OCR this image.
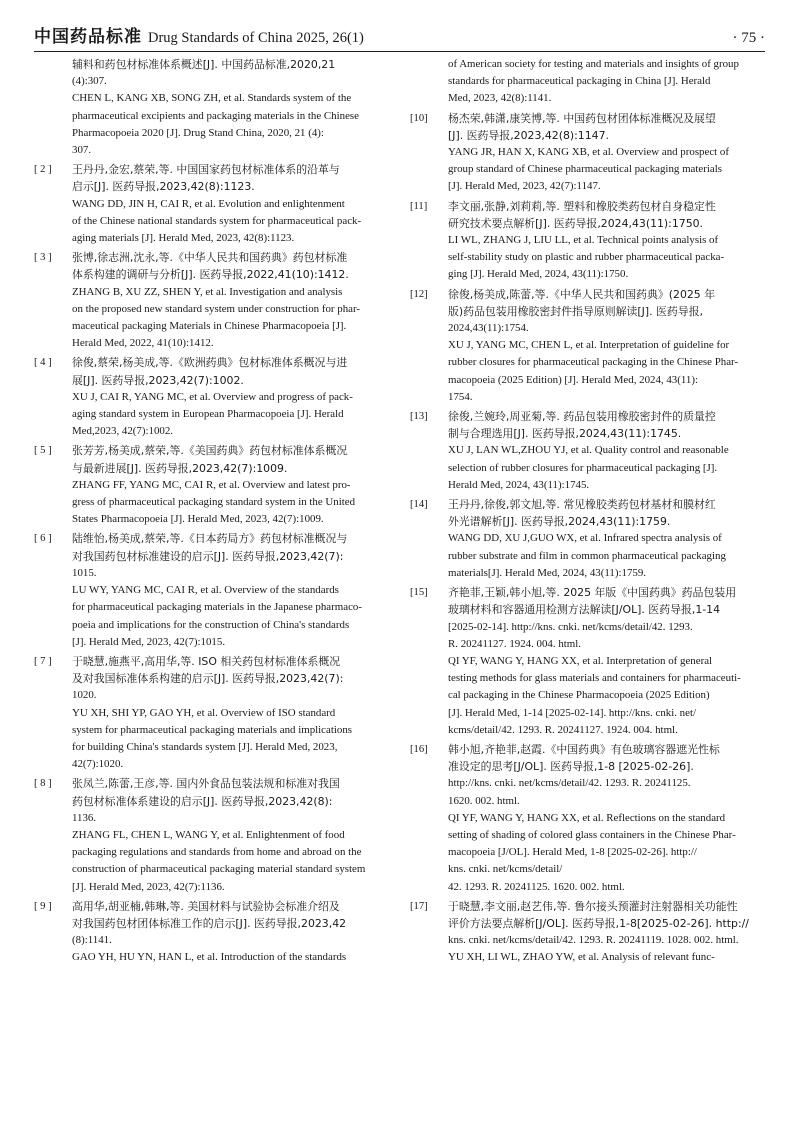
中国药品标准 Drug Standards of China 2025, 26(1)	· 75 ·
辅料和药包材标准体系概述[J]. 中国药品标准,2020,21
(4):307.
CHEN L, KANG XB, SONG ZH, et al. Standards system of the
pharmaceutical excipients and packaging materials in the Chinese
Pharmacopoeia 2020 [J]. Drug Stand China, 2020, 21 (4):
307.
[ 2 ]	王丹丹,金宏,蔡荣,等. 中国国家药包材标准体系的沿革与
启示[J]. 医药导报,2023,42(8):1123.
WANG DD, JIN H, CAI R, et al. Evolution and enlightenment
of the Chinese national standards system for pharmaceutical pack-
aging materials [J]. Herald Med, 2023, 42(8):1123.
[ 3 ]	张博,徐志洲,沈永,等.《中华人民共和国药典》药包材标准
体系构建的调研与分析[J]. 医药导报,2022,41(10):1412.
ZHANG B, XU ZZ, SHEN Y, et al. Investigation and analysis
on the proposed new standard system under construction for phar-
maceutical packaging Materials in Chinese Pharmacopoeia [J].
Herald Med, 2022, 41(10):1412.
[ 4 ]	徐俊,蔡荣,杨美成,等.《欧洲药典》包材标准体系概况与进
展[J]. 医药导报,2023,42(7):1002.
XU J, CAI R, YANG MC, et al. Overview and progress of pack-
aging standard system in European Pharmacopoeia [J]. Herald
Med,2023, 42(7):1002.
[ 5 ]	张芳芳,杨美成,蔡荣,等.《美国药典》药包材标准体系概况
与最新进展[J]. 医药导报,2023,42(7):1009.
ZHANG FF, YANG MC, CAI R, et al. Overview and latest pro-
gress of pharmaceutical packaging standard system in the United
States Pharmacopoeia [J]. Herald Med, 2023, 42(7):1009.
[ 6 ]	陆维怡,杨美成,蔡荣,等.《日本药局方》药包材标准概况与
对我国药包材标准建设的启示[J]. 医药导报,2023,42(7):
1015.
LU WY, YANG MC, CAI R, et al. Overview of the standards
for pharmaceutical packaging materials in the Japanese pharmaco-
poeia and implications for the construction of China's standards
[J]. Herald Med, 2023, 42(7):1015.
[ 7 ]	于晓慧,施燕平,高用华,等. ISO 相关药包材标准体系概况
及对我国标准体系构建的启示[J]. 医药导报,2023,42(7):
1020.
YU XH, SHI YP, GAO YH, et al. Overview of ISO standard
system for pharmaceutical packaging materials and implications
for building China's standards system [J]. Herald Med, 2023,
42(7):1020.
[ 8 ]	张凤兰,陈蕾,王彦,等. 国内外食品包装法规和标准对我国
药包材标准体系建设的启示[J]. 医药导报,2023,42(8):
1136.
ZHANG FL, CHEN L, WANG Y, et al. Enlightenment of food
packaging regulations and standards from home and abroad on the
construction of pharmaceutical packaging material standard system
[J]. Herald Med, 2023, 42(7):1136.
[ 9 ]	高用华,胡亚楠,韩琳,等. 美国材料与试验协会标准介绍及
对我国药包材团体标准工作的启示[J]. 医药导报,2023,42
(8):1141.
GAO YH, HU YN, HAN L, et al. Introduction of the standards
of American society for testing and materials and insights of group
standards for pharmaceutical packaging in China [J]. Herald
Med, 2023, 42(8):1141.
[10]	杨杰荣,韩潇,康笑博,等. 中国药包材团体标准概况及展望
[J]. 医药导报,2023,42(8):1147.
YANG JR, HAN X, KANG XB, et al. Overview and prospect of
group standard of Chinese pharmaceutical packaging materials
[J]. Herald Med, 2023, 42(7):1147.
[11]	李文丽,张静,刘莉莉,等. 塑料和橡胶类药包材自身稳定性
研究技术要点解析[J]. 医药导报,2024,43(11):1750.
LI WL, ZHANG J, LIU LL, et al. Technical points analysis of
self-stability study on plastic and rubber pharmaceutical packa-
ging [J]. Herald Med, 2024, 43(11):1750.
[12]	徐俊,杨美成,陈蕾,等.《中华人民共和国药典》(2025 年
版)药品包装用橡胶密封件指导原则解读[J]. 医药导报,
2024,43(11):1754.
XU J, YANG MC, CHEN L, et al. Interpretation of guideline for
rubber closures for pharmaceutical packaging in the Chinese Phar-
macopoeia (2025 Edition) [J]. Herald Med, 2024, 43(11):
1754.
[13]	徐俊,兰婉玲,周亚菊,等. 药品包装用橡胶密封件的质量控
制与合理选用[J]. 医药导报,2024,43(11):1745.
XU J, LAN WL,ZHOU YJ, et al. Quality control and reasonable
selection of rubber closures for pharmaceutical packaging [J].
Herald Med, 2024, 43(11):1745.
[14]	王丹丹,徐俊,郭文旭,等. 常见橡胶类药包材基材和膜材红
外光谱解析[J]. 医药导报,2024,43(11):1759.
WANG DD, XU J,GUO WX, et al. Infrared spectra analysis of
rubber substrate and film in common pharmaceutical packaging
materials[J]. Herald Med, 2024, 43(11):1759.
[15]	齐艳菲,王颖,韩小旭,等. 2025 年版《中国药典》药品包装用
玻璃材料和容器通用检测方法解读[J/OL]. 医药导报,1-14
[2025-02-14]. http://kns. cnki. net/kcms/detail/42. 1293.
R. 20241127. 1924. 004. html.
QI YF, WANG Y, HANG XX, et al. Interpretation of general
testing methods for glass materials and containers for pharmaceuti-
cal packaging in the Chinese Pharmacopoeia (2025 Edition)
[J]. Herald Med, 1-14 [2025-02-14]. http://kns. cnki. net/
kcms/detail/42. 1293. R. 20241127. 1924. 004. html.
[16]	韩小旭,齐艳菲,赵霞.《中国药典》有色玻璃容器遮光性标
准设定的思考[J/OL]. 医药导报,1-8 [2025-02-26].
http://kns. cnki. net/kcms/detail/42. 1293. R. 20241125.
1620. 002. html.
QI YF, WANG Y, HANG XX, et al. Reflections on the standard
setting of shading of colored glass containers in the Chinese Phar-
macopoeia [J/OL]. Herald Med, 1-8 [2025-02-26]. http://
kns. cnki. net/kcms/detail/
42. 1293. R. 20241125. 1620. 002. html.
[17]	于晓慧,李文丽,赵艺伟,等. 鲁尔接头预灌封注射器相关功能性
评价方法要点解析[J/OL]. 医药导报,1-8[2025-02-26]. http://
kns. cnki. net/kcms/detail/42. 1293. R. 20241119. 1028. 002. html.
YU XH, LI WL, ZHAO YW, et al. Analysis of relevant func-
